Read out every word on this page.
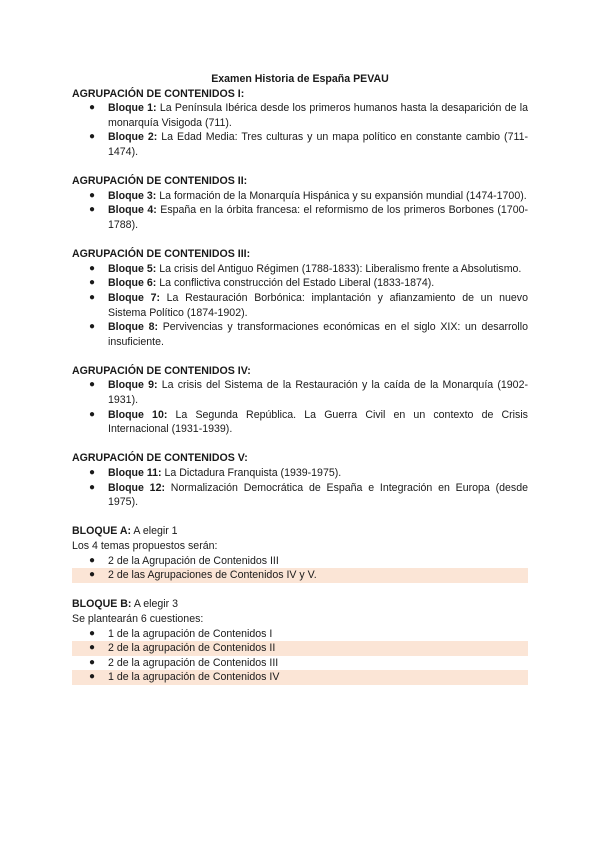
Examen Historia de España PEVAU

AGRUPACIÓN DE CONTENIDOS I:

● Bloque 1: La Península Ibérica desde los primeros humanos hasta la desaparición de la monarquía Visigoda (711).
● Bloque 2: La Edad Media: Tres culturas y un mapa político en constante cambio (711-1474).

AGRUPACIÓN DE CONTENIDOS II:

● Bloque 3: La formación de la Monarquía Hispánica y su expansión mundial (1474-1700).
● Bloque 4: España en la órbita francesa: el reformismo de los primeros Borbones (1700-1788).

AGRUPACIÓN DE CONTENIDOS III:

● Bloque 5: La crisis del Antiguo Régimen (1788-1833): Liberalismo frente a Absolutismo.
● Bloque 6: La conflictiva construcción del Estado Liberal (1833-1874).
● Bloque 7: La Restauración Borbónica: implantación y afianzamiento de un nuevo Sistema Político (1874-1902).
● Bloque 8: Pervivencias y transformaciones económicas en el siglo XIX: un desarrollo insuficiente.

AGRUPACIÓN DE CONTENIDOS IV:

● Bloque 9: La crisis del Sistema de la Restauración y la caída de la Monarquía (1902-1931).
● Bloque 10: La Segunda República. La Guerra Civil en un contexto de Crisis Internacional (1931-1939).

AGRUPACIÓN DE CONTENIDOS V:

● Bloque 11: La Dictadura Franquista (1939-1975).
● Bloque 12: Normalización Democrática de España e Integración en Europa (desde 1975).

BLOQUE A: A elegir 1

Los 4 temas propuestos serán:

● 2 de la Agrupación de Contenidos III
● 2 de las Agrupaciones de Contenidos IV y V.

BLOQUE B: A elegir 3

Se plantearán 6 cuestiones:

● 1 de la agrupación de Contenidos I
● 2 de la agrupación de Contenidos II
● 2 de la agrupación de Contenidos III
● 1 de la agrupación de Contenidos IV
